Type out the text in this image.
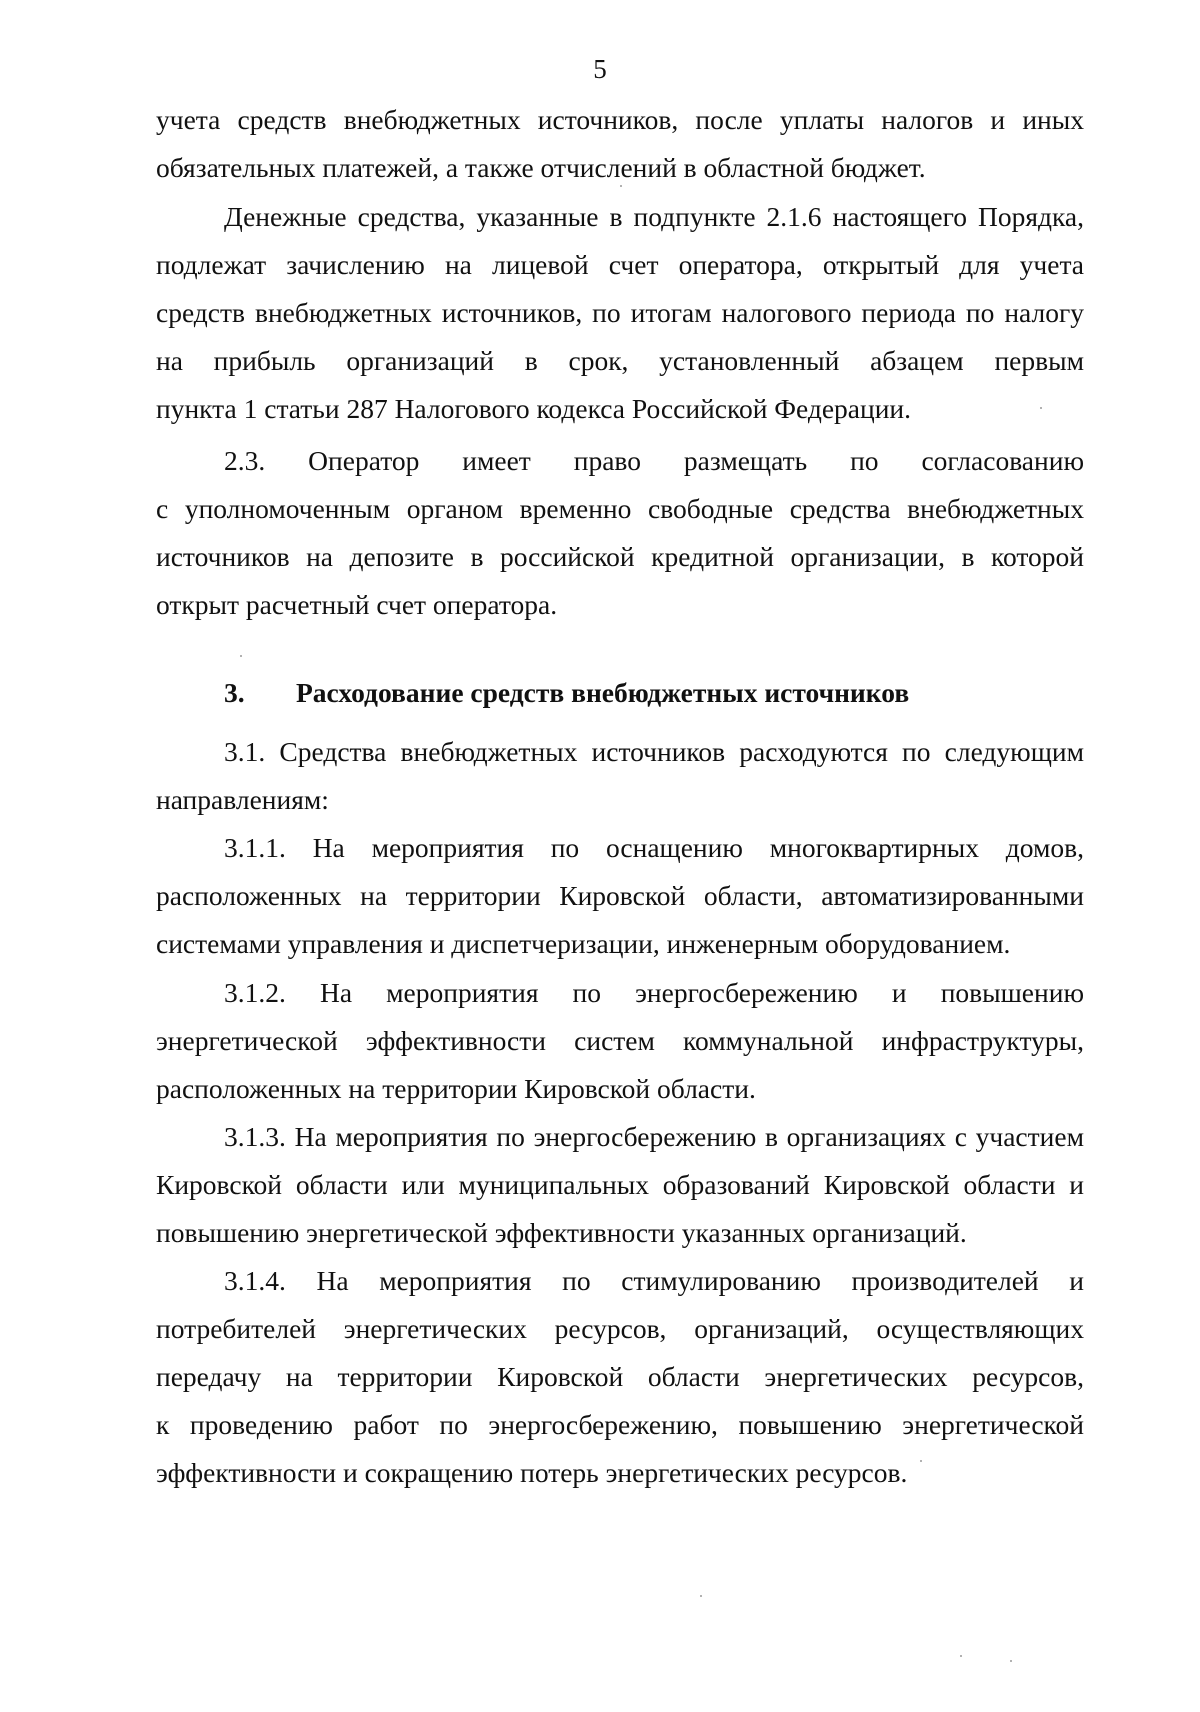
5
учета средств внебюджетных источников, после уплаты налогов и иных
обязательных платежей, а также отчислений в областной бюджет.
Денежные средства, указанные в подпункте 2.1.6 настоящего Порядка,
подлежат зачислению на лицевой счет оператора, открытый для учета
средств внебюджетных источников, по итогам налогового периода по налогу
на прибыль организаций в срок, установленный абзацем первым
пункта 1 статьи 287 Налогового кодекса Российской Федерации.
2.3. Оператор имеет право размещать по согласованию
с уполномоченным органом временно свободные средства внебюджетных
источников на депозите в российской кредитной организации, в которой
открыт расчетный счет оператора.
3. Расходование средств внебюджетных источников
3.1. Средства внебюджетных источников расходуются по следующим
направлениям:
3.1.1. На мероприятия по оснащению многоквартирных домов,
расположенных на территории Кировской области, автоматизированными
системами управления и диспетчеризации, инженерным оборудованием.
3.1.2. На мероприятия по энергосбережению и повышению
энергетической эффективности систем коммунальной инфраструктуры,
расположенных на территории Кировской области.
3.1.3. На мероприятия по энергосбережению в организациях с участием
Кировской области или муниципальных образований Кировской области и
повышению энергетической эффективности указанных организаций.
3.1.4. На мероприятия по стимулированию производителей и
потребителей энергетических ресурсов, организаций, осуществляющих
передачу на территории Кировской области энергетических ресурсов,
к проведению работ по энергосбережению, повышению энергетической
эффективности и сокращению потерь энергетических ресурсов.
